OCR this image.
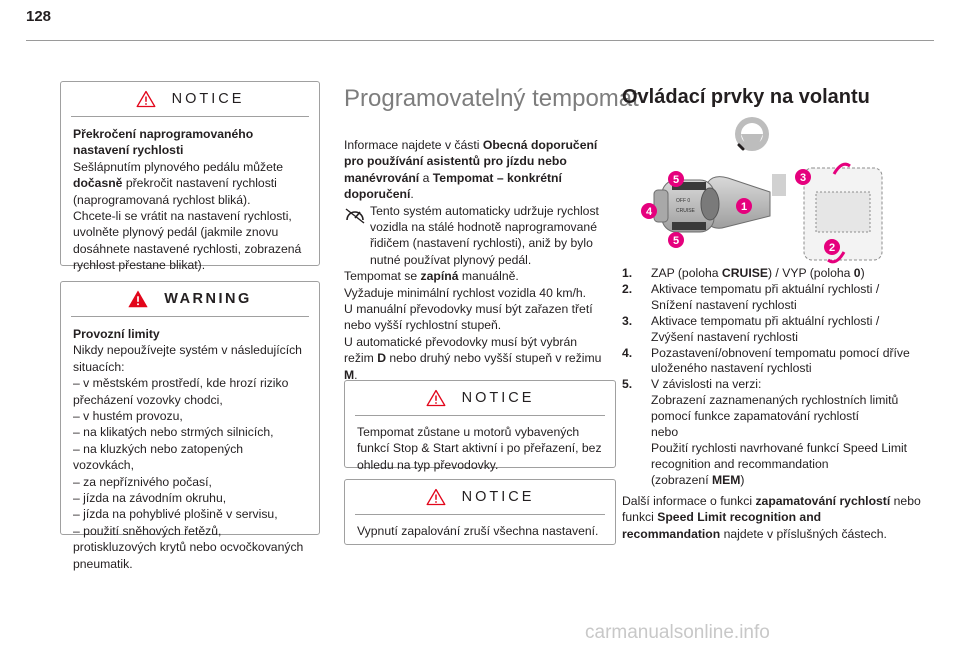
128
NOTICE

Překročení naprogramovaného nastavení rychlosti

Sešlápnutím plynového pedálu můžete dočasně překročit nastavení rychlosti (naprogramovaná rychlost bliká).

Chcete-li se vrátit na nastavení rychlosti, uvolněte plynový pedál (jakmile znovu dosáhnete nastavené rychlosti, zobrazená rychlost přestane blikat).

WARNING

Provozní limity

Nikdy nepoužívejte systém v následujících situacích:

– v městském prostředí, kde hrozí riziko přecházení vozovky chodci,

– v hustém provozu,

– na klikatých nebo strmých silnicích,

– na kluzkých nebo zatopených vozovkách,

– za nepříznivého počasí,

– jízda na závodním okruhu,

– jízda na pohyblivé plošině v servisu,

– použití sněhových řetězů, protiskluzových krytů nebo ocvočkovaných pneumatik.

Programovatelný tempomat

Informace najdete v části Obecná doporučení pro používání asistentů pro jízdu nebo manévrování a Tempomat – konkrétní doporučení.

Tento systém automaticky udržuje rychlost vozidla na stálé hodnotě naprogramované řidičem (nastavení rychlosti), aniž by bylo nutné používat plynový pedál.

Tempomat se zapíná manuálně.

Vyžaduje minimální rychlost vozidla 40 km/h.

U manuální převodovky musí být zařazen třetí nebo vyšší rychlostní stupeň.

U automatické převodovky musí být vybrán režim D nebo druhý nebo vyšší stupeň v režimu M.

NOTICE

Tempomat zůstane u motorů vybavených funkcí Stop & Start aktivní i po přeřazení, bez ohledu na typ převodovky.

NOTICE

Vypnutí zapalování zruší všechna nastavení.

Ovládací prvky na volantu
OFF 0
CRUISE	1
2
3
4
5
5
1.	ZAP (poloha CRUISE) / VYP (poloha 0)
2.	Aktivace tempomatu při aktuální rychlosti / Snížení nastavení rychlosti
3.	Aktivace tempomatu při aktuální rychlosti / Zvýšení nastavení rychlosti
4.	Pozastavení/obnovení tempomatu pomocí dříve uloženého nastavení rychlosti
5.	V závislosti na verzi:
Zobrazení zaznamenaných rychlostních limitů pomocí funkce zapamatování rychlostí
nebo
Použití rychlosti navrhované funkcí Speed Limit recognition and recommandation
(zobrazení MEM)

Další informace o funkci zapamatování rychlostí nebo funkci Speed Limit recognition and recommandation najdete v příslušných částech.

carmanualsonline.info
